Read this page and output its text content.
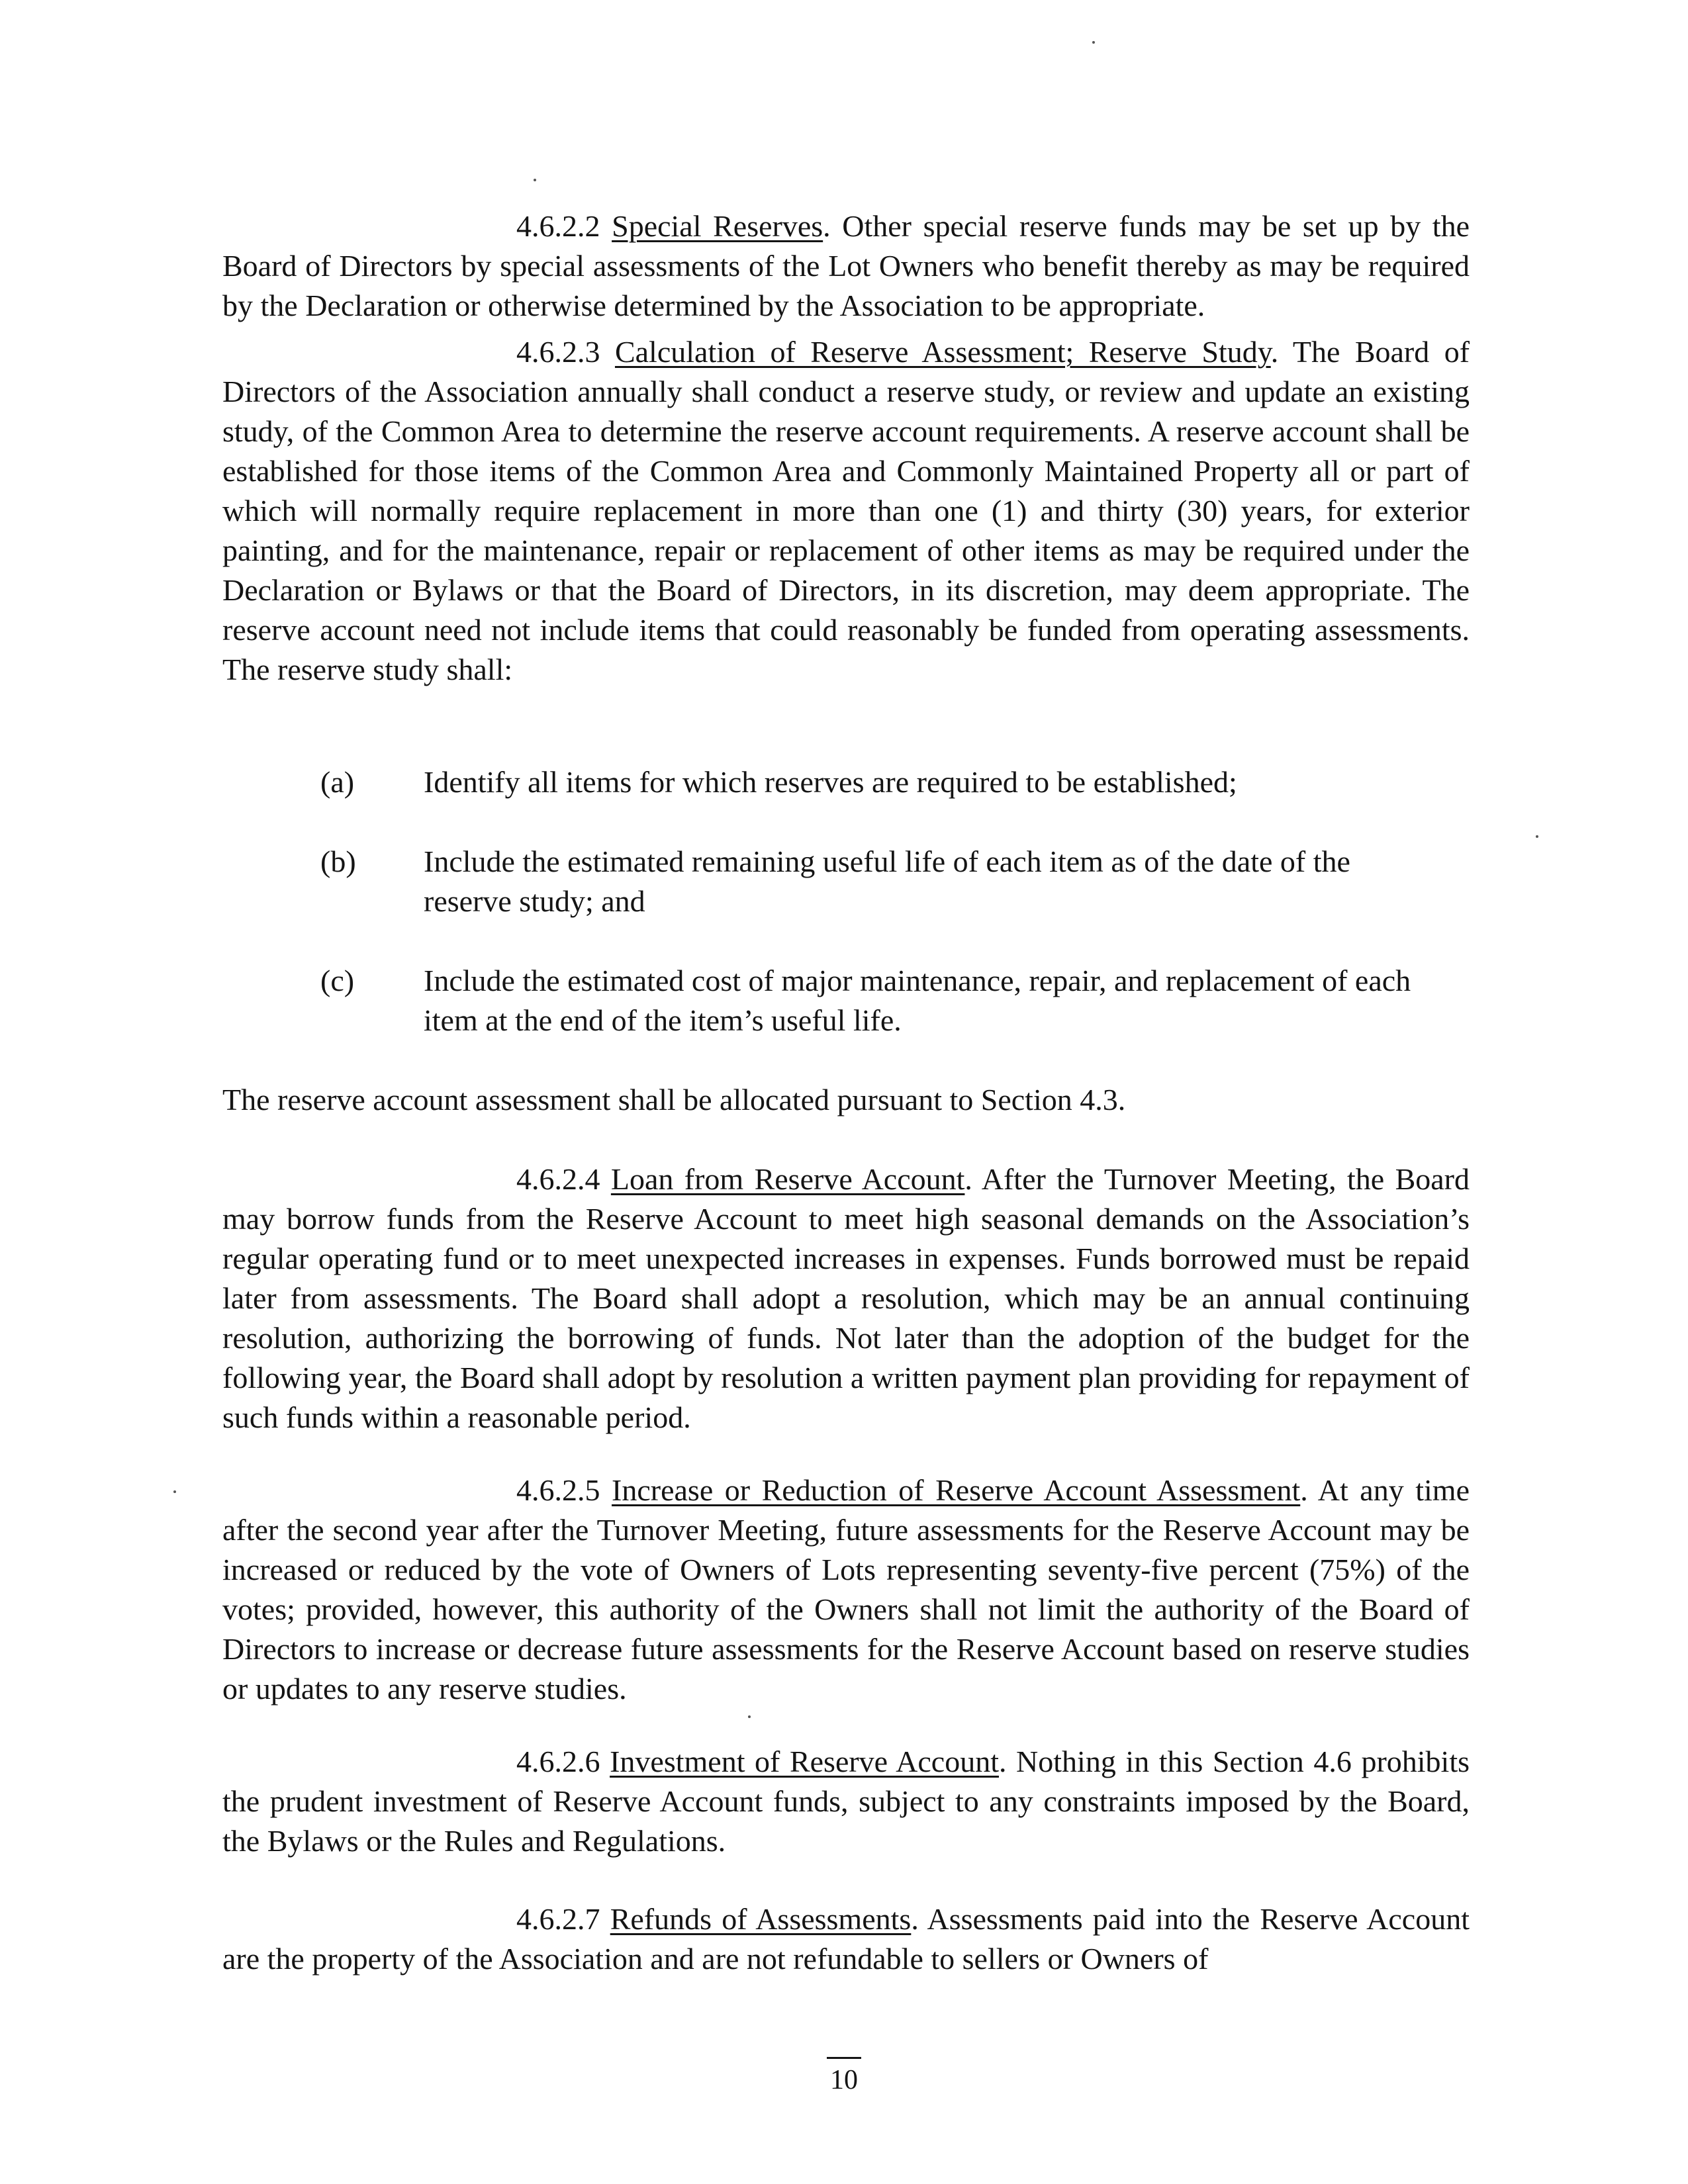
4.6.2.2 Special Reserves. Other special reserve funds may be set up by the Board of Directors by special assessments of the Lot Owners who benefit thereby as may be required by the Declaration or otherwise determined by the Association to be appropriate.

4.6.2.3 Calculation of Reserve Assessment; Reserve Study. The Board of Directors of the Association annually shall conduct a reserve study, or review and update an existing study, of the Common Area to determine the reserve account requirements. A reserve account shall be established for those items of the Common Area and Commonly Maintained Property all or part of which will normally require replacement in more than one (1) and thirty (30) years, for exterior painting, and for the maintenance, repair or replacement of other items as may be required under the Declaration or Bylaws or that the Board of Directors, in its discretion, may deem appropriate. The reserve account need not include items that could reasonably be funded from operating assessments. The reserve study shall:

(a) Identify all items for which reserves are required to be established;
(b) Include the estimated remaining useful life of each item as of the date of the reserve study; and
(c) Include the estimated cost of major maintenance, repair, and replacement of each item at the end of the item’s useful life.

The reserve account assessment shall be allocated pursuant to Section 4.3.

4.6.2.4 Loan from Reserve Account. After the Turnover Meeting, the Board may borrow funds from the Reserve Account to meet high seasonal demands on the Association’s regular operating fund or to meet unexpected increases in expenses. Funds borrowed must be repaid later from assessments. The Board shall adopt a resolution, which may be an annual continuing resolution, authorizing the borrowing of funds. Not later than the adoption of the budget for the following year, the Board shall adopt by resolution a written payment plan providing for repayment of such funds within a reasonable period.

4.6.2.5 Increase or Reduction of Reserve Account Assessment. At any time after the second year after the Turnover Meeting, future assessments for the Reserve Account may be increased or reduced by the vote of Owners of Lots representing seventy-five percent (75%) of the votes; provided, however, this authority of the Owners shall not limit the authority of the Board of Directors to increase or decrease future assessments for the Reserve Account based on reserve studies or updates to any reserve studies.

4.6.2.6 Investment of Reserve Account. Nothing in this Section 4.6 prohibits the prudent investment of Reserve Account funds, subject to any constraints imposed by the Board, the Bylaws or the Rules and Regulations.

4.6.2.7 Refunds of Assessments. Assessments paid into the Reserve Account are the property of the Association and are not refundable to sellers or Owners of

10
